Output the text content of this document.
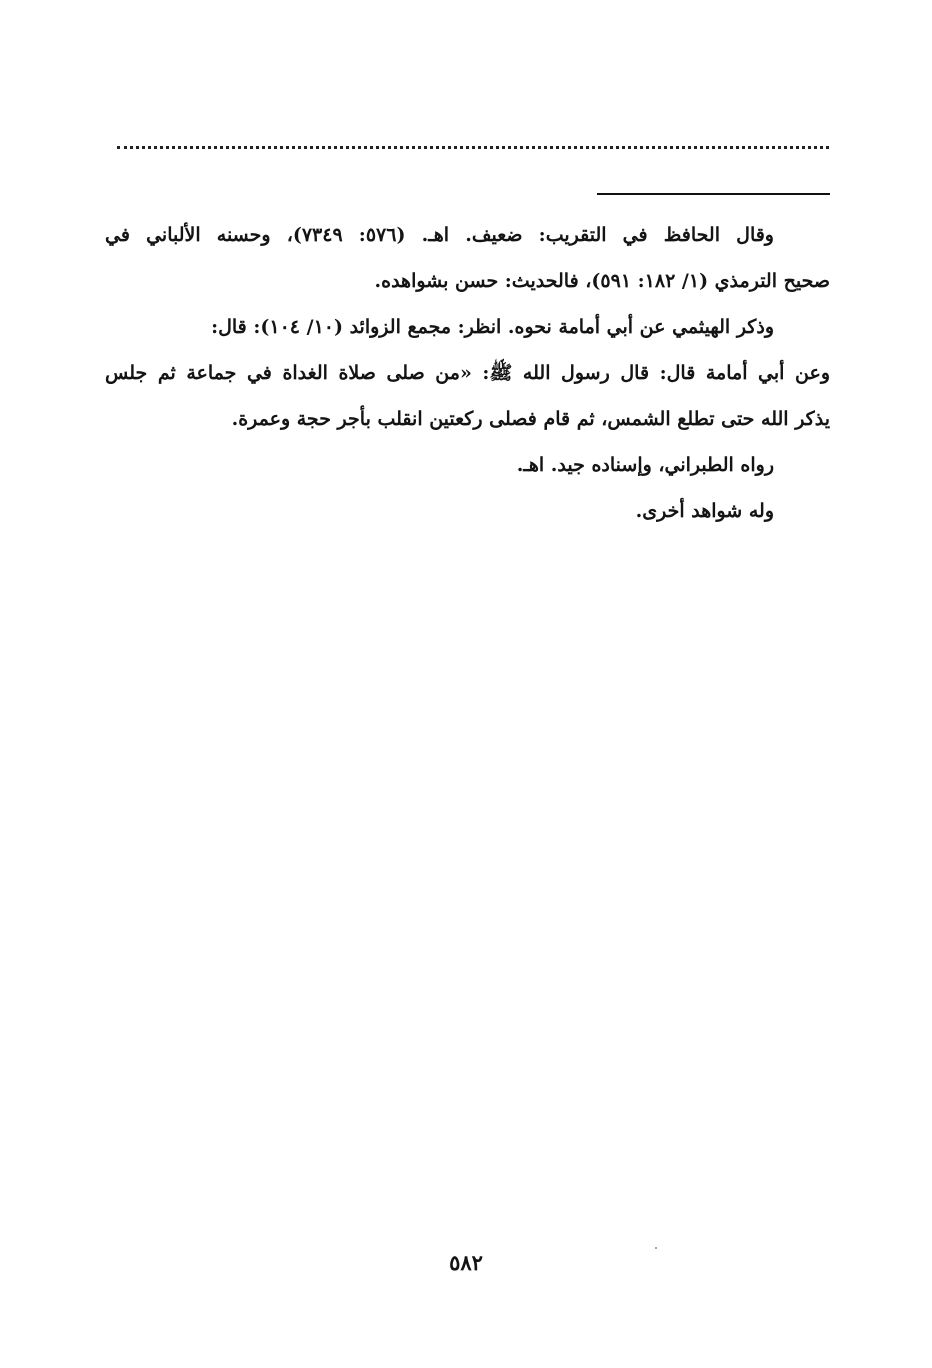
وقال الحافظ في التقريب: ضعيف. اهـ. (٥٧٦: ٧٣٤٩)، وحسنه الألباني في
صحيح الترمذي (١/ ١٨٢: ٥٩١)، فالحديث: حسن بشواهده.
وذكر الهيثمي عن أبي أمامة نحوه. انظر: مجمع الزوائد (١٠/ ١٠٤): قال:
وعن أبي أمامة قال: قال رسول الله ﷺ: «من صلى صلاة الغداة في جماعة ثم جلس
يذكر الله حتى تطلع الشمس، ثم قام فصلى ركعتين انقلب بأجر حجة وعمرة.
رواه الطبراني، وإسناده جيد. اهـ.
وله شواهد أخرى.
٥٨٢
